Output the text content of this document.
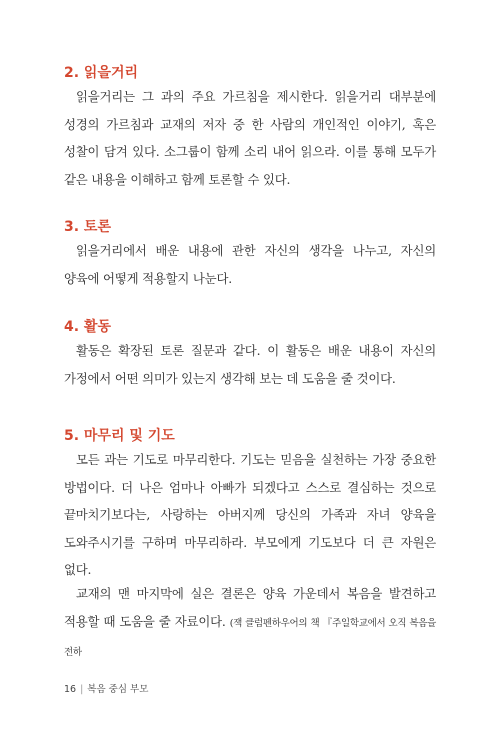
2. 읽을거리
읽을거리는 그 과의 주요 가르침을 제시한다. 읽을거리 대부분에 성경의 가르침과 교재의 저자 중 한 사람의 개인적인 이야기, 혹은 성찰이 담겨 있다. 소그룹이 함께 소리 내어 읽으라. 이를 통해 모두가 같은 내용을 이해하고 함께 토론할 수 있다.
3. 토론
읽을거리에서 배운 내용에 관한 자신의 생각을 나누고, 자신의 양육에 어떻게 적용할지 나눈다.
4. 활동
활동은 확장된 토론 질문과 같다. 이 활동은 배운 내용이 자신의 가정에서 어떤 의미가 있는지 생각해 보는 데 도움을 줄 것이다.
5. 마무리 및 기도
모든 과는 기도로 마무리한다. 기도는 믿음을 실천하는 가장 중요한 방법이다. 더 나은 엄마나 아빠가 되겠다고 스스로 결심하는 것으로 끝마치기보다는, 사랑하는 아버지께 당신의 가족과 자녀 양육을 도와주시기를 구하며 마무리하라. 부모에게 기도보다 더 큰 자원은 없다.
교재의 맨 마지막에 실은 결론은 양육 가운데서 복음을 발견하고 적용할 때 도움을 줄 자료이다. (잭 클럼펜하우어의 책 『주일학교에서 오직 복음을 전하
16 | 복음 중심 부모
